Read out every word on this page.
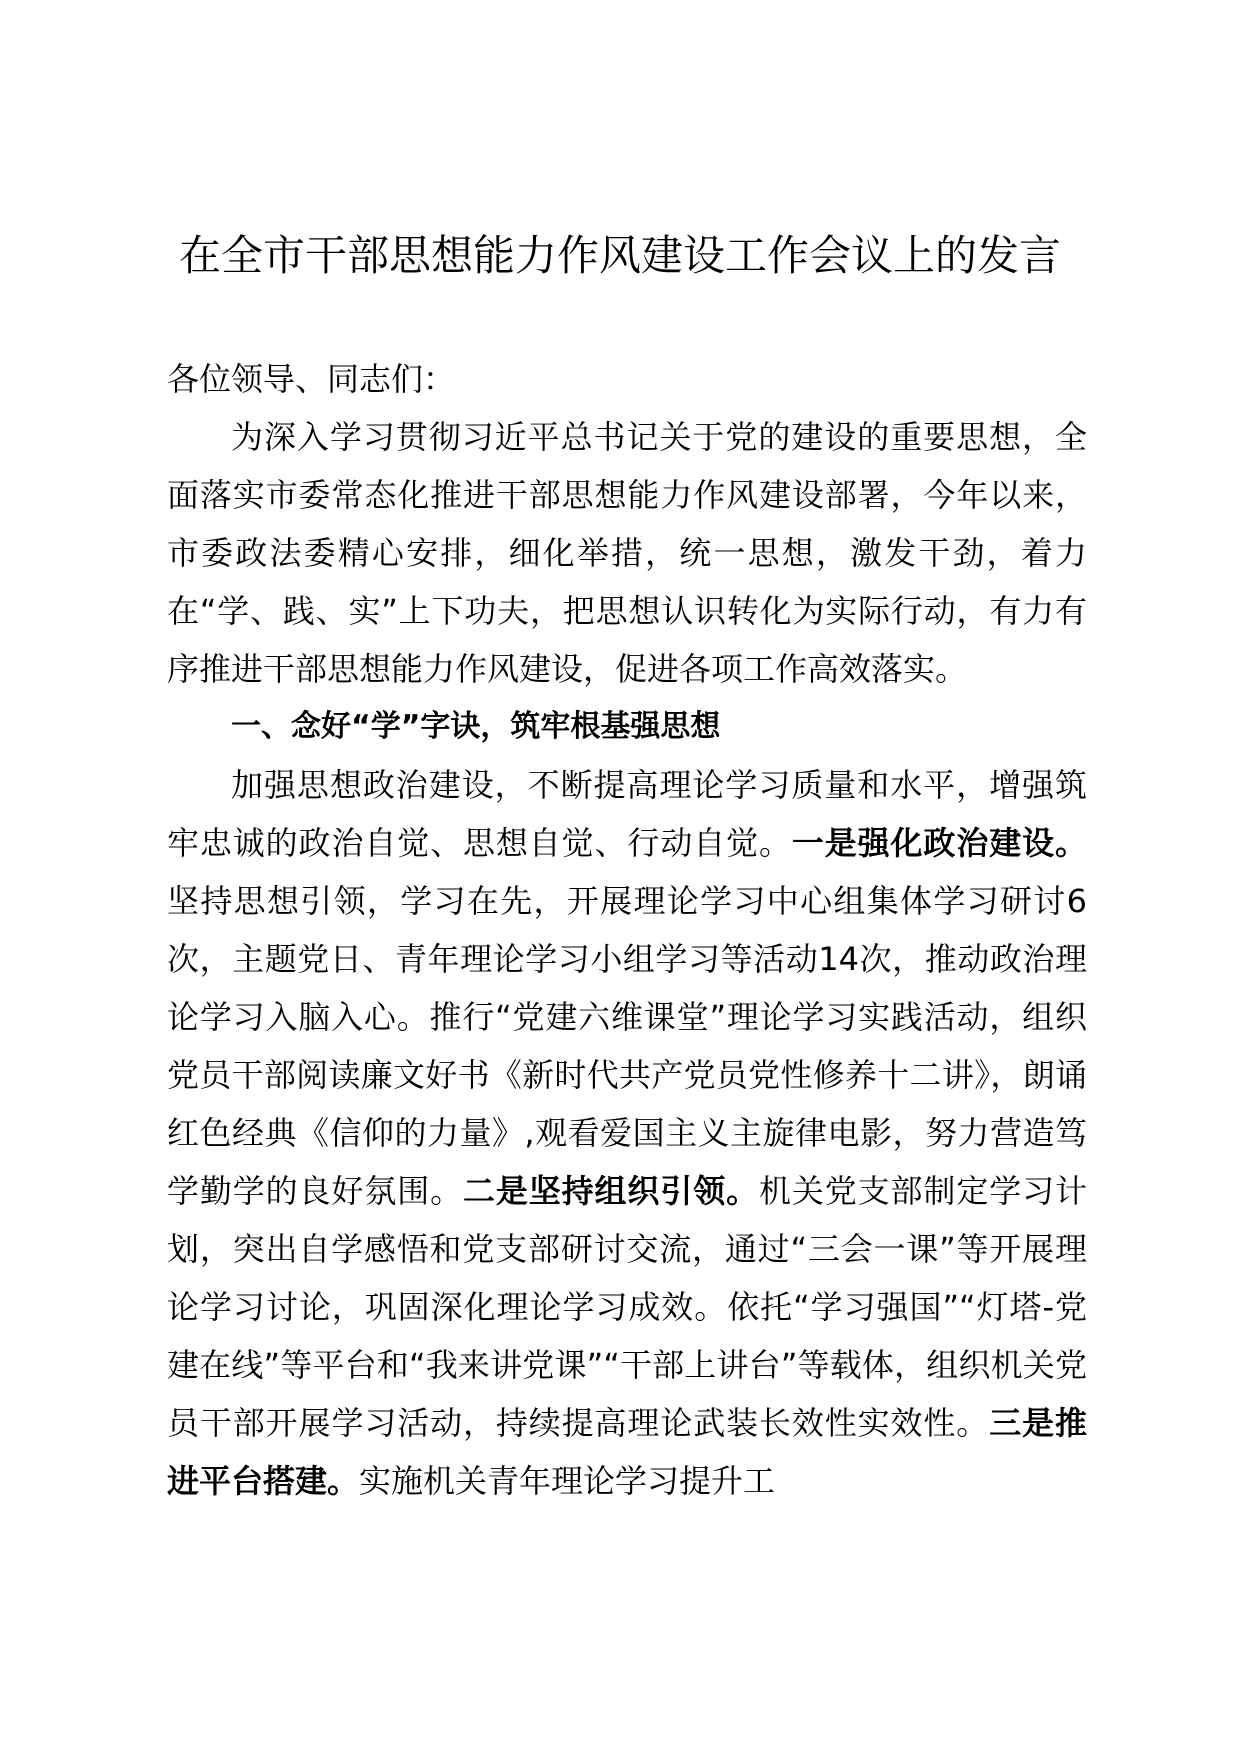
在全市干部思想能力作风建设工作会议上的发言

各位领导、同志们：

为深入学习贯彻习近平总书记关于党的建设的重要思想，全面落实市委常态化推进干部思想能力作风建设部署，今年以来，市委政法委精心安排，细化举措，统一思想，激发干劲，着力在“学、践、实”上下功夫，把思想认识转化为实际行动，有力有序推进干部思想能力作风建设，促进各项工作高效落实。

一、念好“学”字诀，筑牢根基强思想

加强思想政治建设，不断提高理论学习质量和水平，增强筑牢忠诚的政治自觉、思想自觉、行动自觉。一是强化政治建设。坚持思想引领，学习在先，开展理论学习中心组集体学习研讨6次，主题党日、青年理论学习小组学习等活动14次，推动政治理论学习入脑入心。推行“党建六维课堂”理论学习实践活动，组织党员干部阅读廉文好书《新时代共产党员党性修养十二讲》，朗诵红色经典《信仰的力量》,观看爱国主义主旋律电影，努力营造笃学勤学的良好氛围。二是坚持组织引领。机关党支部制定学习计划，突出自学感悟和党支部研讨交流，通过“三会一课”等开展理论学习讨论，巩固深化理论学习成效。依托“学习强国”“灯塔-党建在线”等平台和“我来讲党课”“干部上讲台”等载体，组织机关党员干部开展学习活动，持续提高理论武装长效性实效性。三是推进平台搭建。实施机关青年理论学习提升工
